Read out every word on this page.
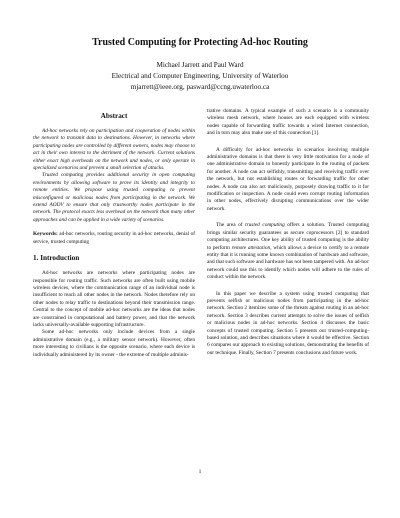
Trusted Computing for Protecting Ad-hoc Routing
Michael Jarrett and Paul Ward
Electrical and Computer Engineering, University of Waterloo
mjarrett@ieee.org, pasward@ccng.uwaterloo.ca
Abstract

Ad-hoc networks rely on participation and cooperation of nodes within the network to transmit data to destinations. However, in networks where participating nodes are controlled by different owners, nodes may choose to act in their own interest to the detriment of the network. Current solutions either exact high overheads on the network and nodes, or only operate in specialized scenarios and prevent a small selection of attacks.

Trusted computing provides additional security in open computing environments by allowing software to prove its identity and integrity to remote entities. We propose using trusted computing to prevent misconfigured or malicious nodes from participating in the network. We extend AODV to ensure that only trustworthy nodes participate in the network. The protocol exacts less overhead on the network than many other approaches and can be applied in a wide variety of scenarios.

Keywords: ad-hoc networks, routing security in ad-hoc networks, denial of service, trusted computing
1. Introduction

Ad-hoc networks are networks where participating nodes are responsible for routing traffic. Such networks are often built using mobile wireless devices, where the communication range of an individual node is insufficient to reach all other nodes in the network. Nodes therefore rely on other nodes to relay traffic to destinations beyond their transmission range. Central to the concept of mobile ad-hoc networks are the ideas that nodes are constrained in computational and battery power, and that the network lacks universally-available supporting infrastructure.

Some ad-hoc networks only include devices from a single administrative domain (e.g., a military sensor network). However, often more interesting to civilians is the opposite scenario, where each device is individually administered by its owner - the extreme of multiple adminis-

trative domains. A typical example of such a scenario is a community wireless mesh network, where houses are each equipped with wireless nodes capable of forwarding traffic towards a wired Internet connection, and in turn may also make use of this connection [1].

A difficulty for ad-hoc networks in scenarios involving multiple administrative domains is that there is very little motivation for a node of one administrative domain to honestly participate in the routing of packets for another. A node can act selfishly, transmitting and receiving traffic over the network, but not establishing routes or forwarding traffic for other nodes. A node can also act maliciously, purposely drawing traffic to it for modification or inspection. A node could even corrupt routing information in other nodes, effectively disrupting communications over the wider network.

The area of trusted computing offers a solution. Trusted computing brings similar security guarantees as secure coprocessors [2] to standard computing architectures. One key ability of trusted computing is the ability to perform remote attestation, which allows a device to certify to a remote entity that it is running some known combination of hardware and software, and that such software and hardware has not been tampered with. An ad-hoc network could use this to identify which nodes will adhere to the rules of conduct within the network.

In this paper we describe a system using trusted computing that prevents selfish or malicious nodes from participating in the ad-hoc network. Section 2 itemizes some of the threats against routing in an ad-hoc network. Section 3 describes current attempts to solve the issues of selfish or malicious nodes in ad-hoc networks. Section 4 discusses the basic concepts of trusted computing. Section 5 presents our trusted-computing-based solution, and describes situations where it would be effective. Section 6 compares our approach to existing solutions, demonstrating the benefits of our technique. Finally, Section 7 presents conclusions and future work.

1
